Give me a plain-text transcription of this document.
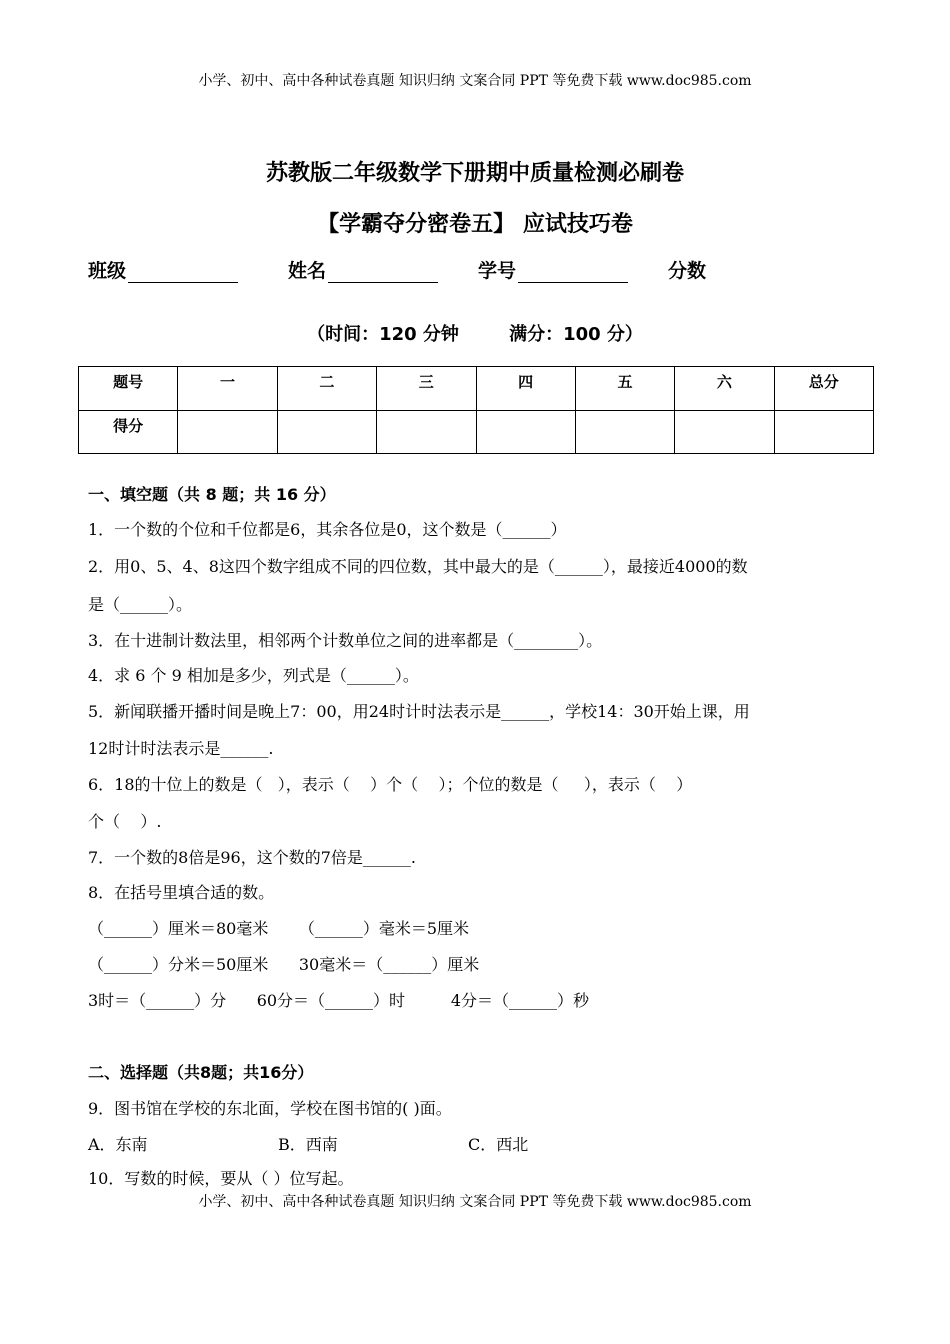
小学、初中、高中各种试卷真题 知识归纳 文案合同 PPT 等免费下载 www.doc985.com
苏教版二年级数学下册期中质量检测必刷卷
【学霸夺分密卷五】 应试技巧卷
班级	姓名	学号	分数
（时间：120 分钟        满分：100 分）
题号	一	二	三	四	五	六	总分
得分							
一、填空题（共 8 题；共 16 分）
1．一个数的个位和千位都是6，其余各位是0，这个数是（______）
2．用0、5、4、8这四个数字组成不同的四位数，其中最大的是（______），最接近4000的数
是（______）。
3．在十进制计数法里，相邻两个计数单位之间的进率都是（________）。
4．求 6 个 9 相加是多少，列式是（______）。
5．新闻联播开播时间是晚上7：00，用24时计时法表示是______，学校14：30开始上课，用
12时计时法表示是______.
6．18的十位上的数是（   ），表示（    ）个（    ）；个位的数是（     ），表示（    ）
个（    ）.
7．一个数的8倍是96，这个数的7倍是______.
8．在括号里填合适的数。
（______）厘米＝80毫米      （______）毫米＝5厘米
（______）分米＝50厘米      30毫米＝（______）厘米
3时＝（______）分      60分＝（______）时         4分＝（______）秒
二、选择题（共8题；共16分）
9．图书馆在学校的东北面，学校在图书馆的( )面。
A．东南	B．西南	C．西北
10．写数的时候，要从（ ）位写起。
小学、初中、高中各种试卷真题 知识归纳 文案合同 PPT 等免费下载 www.doc985.com
